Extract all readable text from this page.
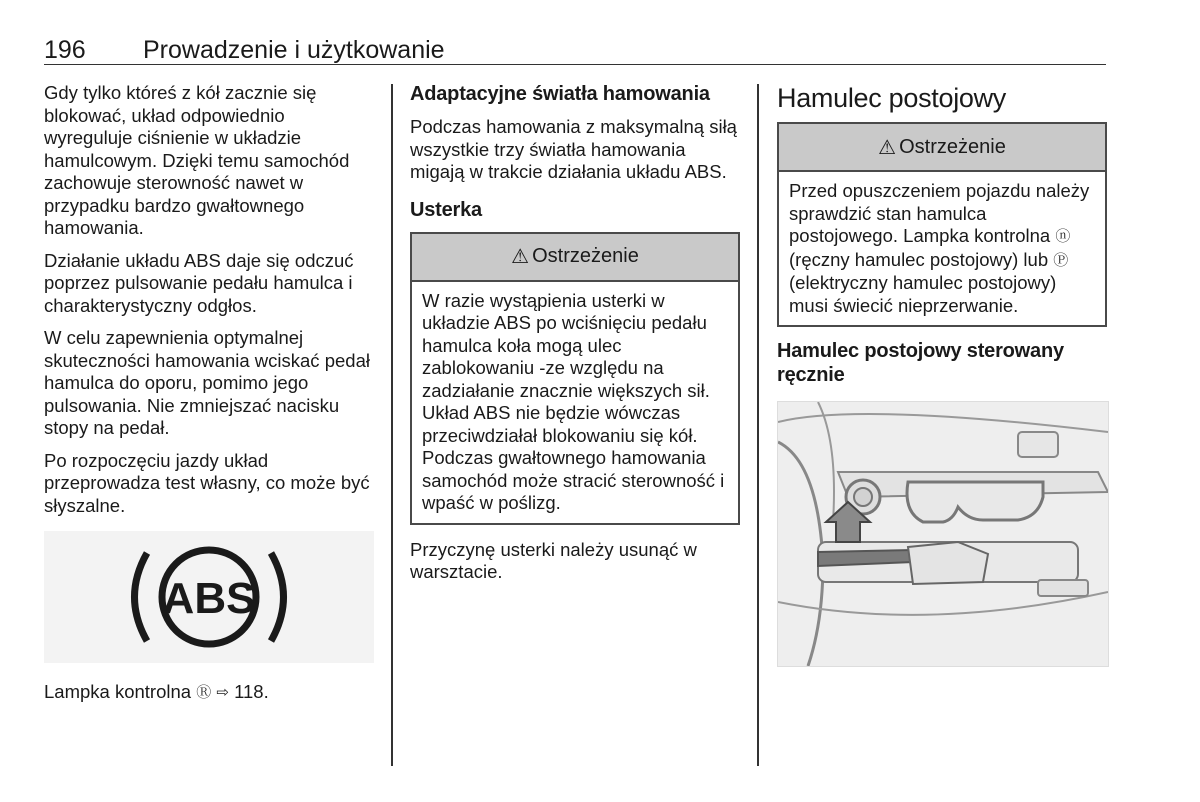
196 Prowadzenie i użytkowanie

Gdy tylko któreś z kół zacznie się blokować, układ odpowiednio wyreguluje ciśnienie w układzie hamulcowym. Dzięki temu samochód zachowuje sterowność nawet w przypadku bardzo gwałtownego hamowania.

Działanie układu ABS daje się odczuć poprzez pulsowanie pedału hamulca i charakterystyczny odgłos.

W celu zapewnienia optymalnej skuteczności hamowania wciskać pedał hamulca do oporu, pomimo jego pulsowania. Nie zmniejszać nacisku stopy na pedał.

Po rozpoczęciu jazdy układ przeprowadza test własny, co może być słyszalne.

ABS

Lampka kontrolna Ⓡ ⇨ 118.

Adaptacyjne światła hamowania

Podczas hamowania z maksymalną siłą wszystkie trzy światła hamowania migają w trakcie działania układu ABS.

Usterka
⚠ Ostrzeżenie
W razie wystąpienia usterki w układzie ABS po wciśnięciu pedału hamulca koła mogą ulec zablokowaniu -ze względu na zadziałanie znacznie większych sił. Układ ABS nie będzie wówczas przeciwdziałał blokowaniu się kół. Podczas gwałtownego hamowania samochód może stracić sterowność i wpaść w poślizg.

Przyczynę usterki należy usunąć w warsztacie.

Hamulec postojowy
⚠ Ostrzeżenie
Przed opuszczeniem pojazdu należy sprawdzić stan hamulca postojowego. Lampka kontrolna ⓝ (ręczny hamulec postojowy) lub Ⓟ (elektryczny hamulec postojowy) musi świecić nieprzerwanie.
Hamulec postojowy sterowany ręcznie
